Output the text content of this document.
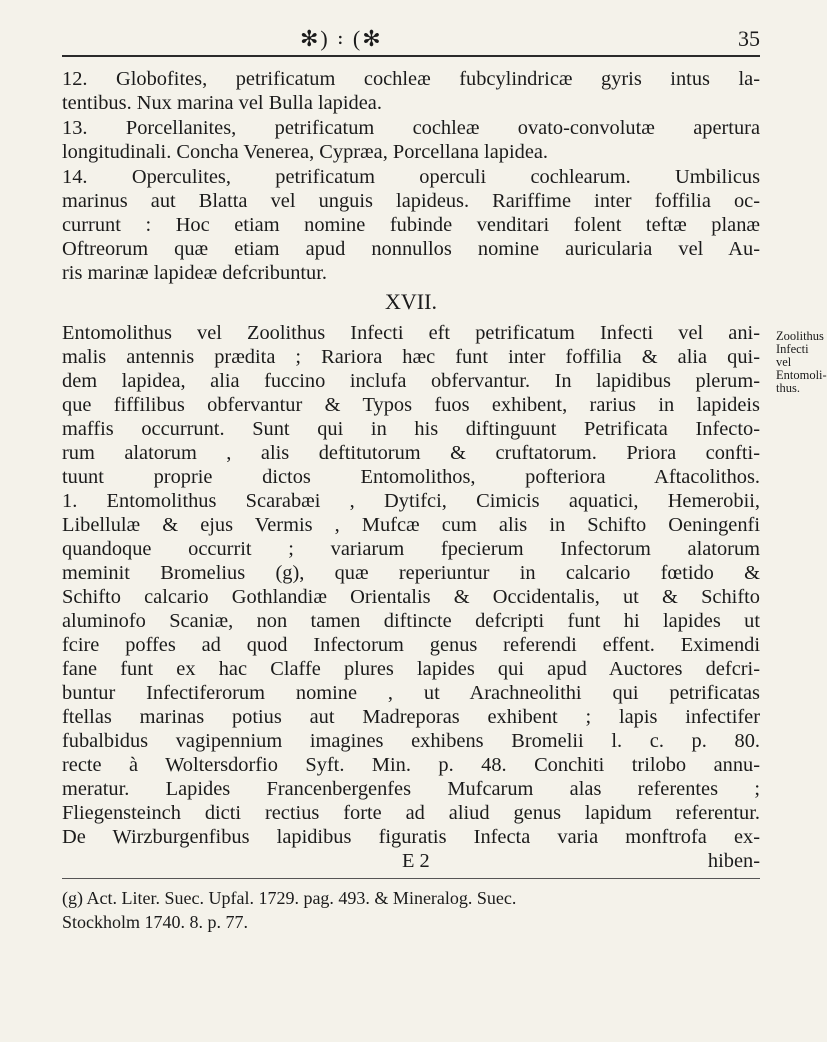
✻) ꞉ (✻	35
12. Globofites, petrificatum cochleæ fubcylindricæ gyris intus la-
tentibus. Nux marina vel Bulla lapidea.
13. Porcellanites, petrificatum cochleæ ovato-convolutæ apertura
longitudinali. Concha Venerea, Cypræa, Porcellana lapidea.
14. Operculites, petrificatum operculi cochlearum. Umbilicus
marinus aut Blatta vel unguis lapideus. Rariffime inter foffilia oc-
currunt : Hoc etiam nomine fubinde venditari folent teftæ planæ
Oftreorum quæ etiam apud nonnullos nomine auricularia vel Au-
ris marinæ lapideæ defcribuntur.
XVII.
Entomolithus vel Zoolithus Infecti eft petrificatum Infecti vel ani-
malis antennis prædita ; Rariora hæc funt inter foffilia & alia qui-
dem lapidea, alia fuccino inclufa obfervantur. In lapidibus plerum-
que fiffilibus obfervantur & Typos fuos exhibent, rarius in lapideis
maffis occurrunt. Sunt qui in his diftinguunt Petrificata Infecto-
rum alatorum , alis deftitutorum & cruftatorum. Priora confti-
tuunt proprie dictos Entomolithos, pofteriora Aftacolithos.
1. Entomolithus Scarabæi , Dytifci, Cimicis aquatici, Hemerobii,
Libellulæ & ejus Vermis , Mufcæ cum alis in Schifto Oeningenfi
quandoque occurrit ; variarum fpecierum Infectorum alatorum
meminit Bromelius (g), quæ reperiuntur in calcario fœtido &
Schifto calcario Gothlandiæ Orientalis & Occidentalis, ut & Schifto
aluminofo Scaniæ, non tamen diftincte defcripti funt hi lapides ut
fcire poffes ad quod Infectorum genus referendi effent. Eximendi
fane funt ex hac Claffe plures lapides qui apud Auctores defcri-
buntur Infectiferorum nomine , ut Arachneolithi qui petrificatas
ftellas marinas potius aut Madreporas exhibent ; lapis infectifer
fubalbidus vagipennium imagines exhibens Bromelii l. c. p. 80.
recte à Woltersdorfio Syft. Min. p. 48. Conchiti trilobo annu-
meratur. Lapides Francenbergenfes Mufcarum alas referentes ;
Fliegensteinch dicti rectius forte ad aliud genus lapidum referentur.
De Wirzburgenfibus lapidibus figuratis Infecta varia monftrofa ex-
E 2	hiben-
Zoolithus
Infecti vel
Entomoli-
thus.
(g) Act. Liter. Suec. Upfal. 1729. pag. 493. & Mineralog. Suec.
Stockholm 1740. 8. p. 77.
